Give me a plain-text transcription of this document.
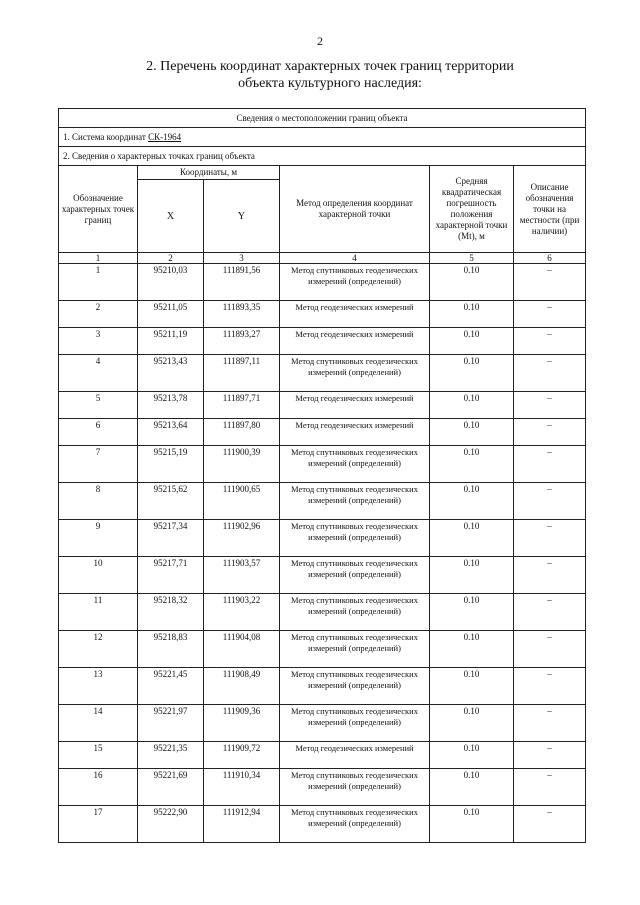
2
2. Перечень координат характерных точек границ территории
объекта культурного наследия:
Сведения о местоположении границ объекта					
1. Система координат СК-1964					
2. Сведения о характерных точках границ объекта					
Обозначение характерных точек границ	Координаты, м		Метод определения координат характерной точки	Средняя квадратическая погрешность положения характерной точки (Мt), м	Описание обозначения точки на местности (при наличии)
	X	Y			
1	2	3	4	5	6
1	95210,03	111891,56	Метод спутниковых геодезических измерений (определений)	0.10	–
2	95211,05	111893,35	Метод геодезических измерений	0.10	–
3	95211,19	111893,27	Метод геодезических измерений	0.10	–
4	95213,43	111897,11	Метод спутниковых геодезических измерений (определений)	0.10	–
5	95213,78	111897,71	Метод геодезических измерений	0.10	–
6	95213,64	111897,80	Метод геодезических измерений	0.10	–
7	95215,19	111900,39	Метод спутниковых геодезических измерений (определений)	0.10	–
8	95215,62	111900,65	Метод спутниковых геодезических измерений (определений)	0.10	–
9	95217,34	111902,96	Метод спутниковых геодезических измерений (определений)	0.10	–
10	95217,71	111903,57	Метод спутниковых геодезических измерений (определений)	0.10	–
11	95218,32	111903,22	Метод спутниковых геодезических измерений (определений)	0.10	–
12	95218,83	111904,08	Метод спутниковых геодезических измерений (определений)	0.10	–
13	95221,45	111908,49	Метод спутниковых геодезических измерений (определений)	0.10	–
14	95221,97	111909,36	Метод спутниковых геодезических измерений (определений)	0.10	–
15	95221,35	111909,72	Метод геодезических измерений	0.10	–
16	95221,69	111910,34	Метод спутниковых геодезических измерений (определений)	0.10	–
17	95222,90	111912,94	Метод спутниковых геодезических измерений (определений)	0.10	–
